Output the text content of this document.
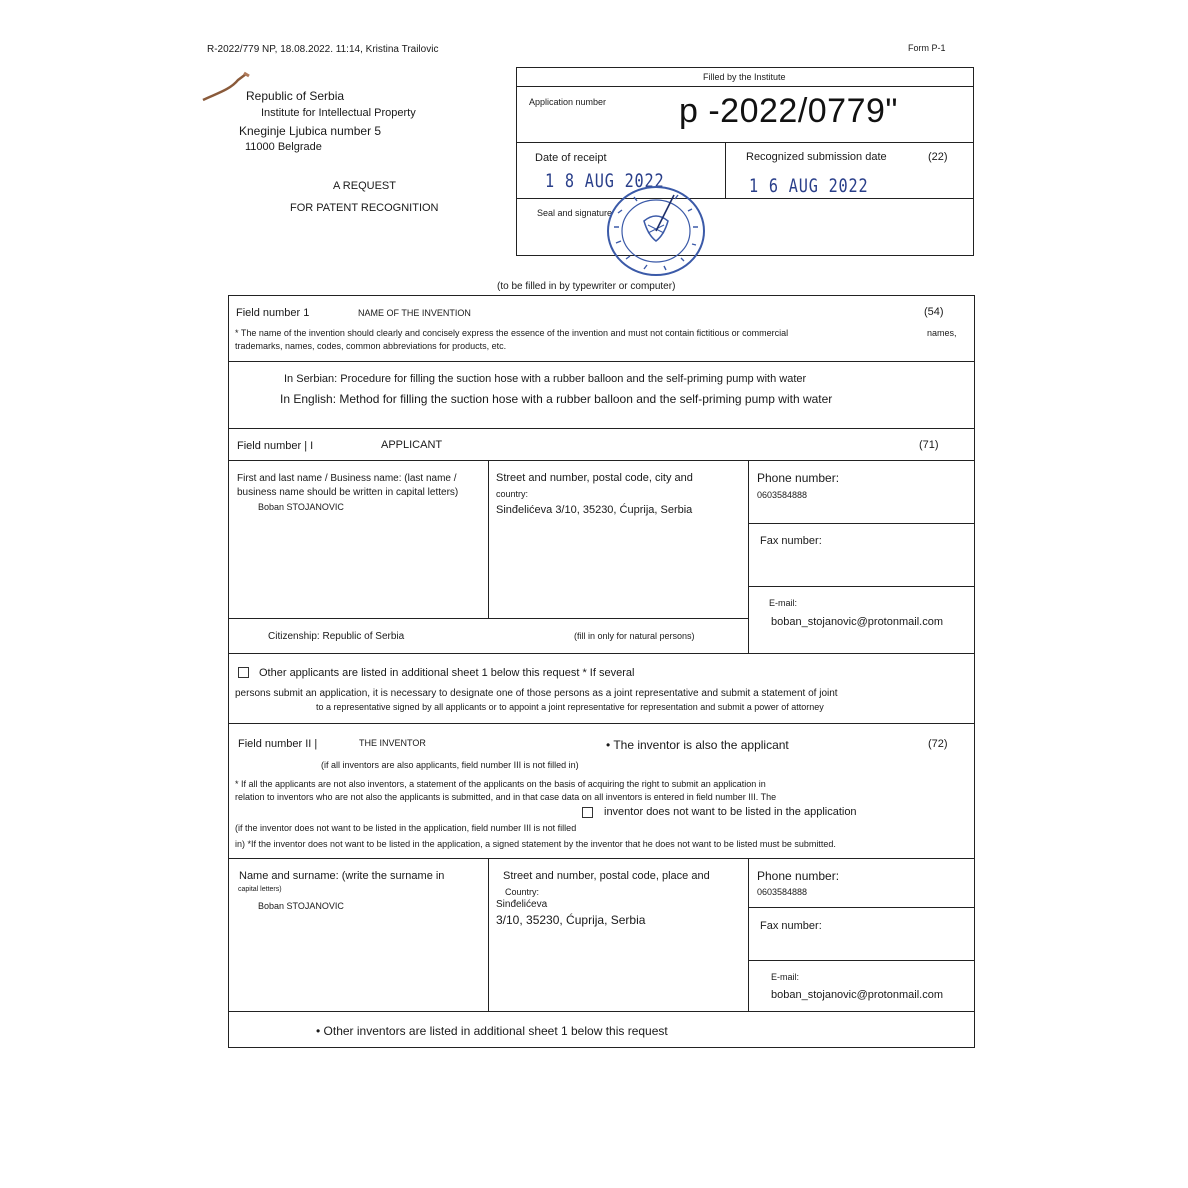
R-2022/779 NP, 18.08.2022. 11:14, Kristina Trailovic	Form P-1
Republic of Serbia
Institute for Intellectual Property
Kneginje Ljubica number 5
11000 Belgrade
A REQUEST
FOR PATENT RECOGNITION
Filled by the Institute
Application number p -2022/0779"
Date of receipt
1 8 AUG 2022
Recognized submission date	(22)
1 6 AUG 2022
Seal and signature
(to be filled in by typewriter or computer)
Field number 1	NAME OF THE INVENTION	(54)
* The name of the invention should clearly and concisely express the essence of the invention and must not contain fictitious or commercial	names,
trademarks, names, codes, common abbreviations for products, etc.
In Serbian: Procedure for filling the suction hose with a rubber balloon and the self-priming pump with water
In English: Method for filling the suction hose with a rubber balloon and the self-priming pump with water
Field number | I	APPLICANT	(71)
First and last name / Business name: (last name /
business name should be written in capital letters)
Boban STOJANOVIC
Street and number, postal code, city and
country:
Sinđelićeva 3/10, 35230, Ćuprija, Serbia
Phone number:
0603584888
Fax number:
E-mail:
boban_stojanovic@protonmail.com
Citizenship: Republic of Serbia	(fill in only for natural persons)
Other applicants are listed in additional sheet 1 below this request * If several
persons submit an application, it is necessary to designate one of those persons as a joint representative and submit a statement of joint
to a representative signed by all applicants or to appoint a joint representative for representation and submit a power of attorney
Field number II |	THE INVENTOR	• The inventor is also the applicant	(72)
(if all inventors are also applicants, field number III is not filled in)
* If all the applicants are not also inventors, a statement of the applicants on the basis of acquiring the right to submit an application in
relation to inventors who are not also the applicants is submitted, and in that case data on all inventors is entered in field number III. The
inventor does not want to be listed in the application
(if the inventor does not want to be listed in the application, field number III is not filled
in) *If the inventor does not want to be listed in the application, a signed statement by the inventor that he does not want to be listed must be submitted.
Name and surname: (write the surname in
capital letters)
Boban STOJANOVIC
Street and number, postal code, place and
Country:
Sinđelićeva
3/10, 35230, Ćuprija, Serbia
Phone number:
0603584888
Fax number:
E-mail:
boban_stojanovic@protonmail.com
• Other inventors are listed in additional sheet 1 below this request
